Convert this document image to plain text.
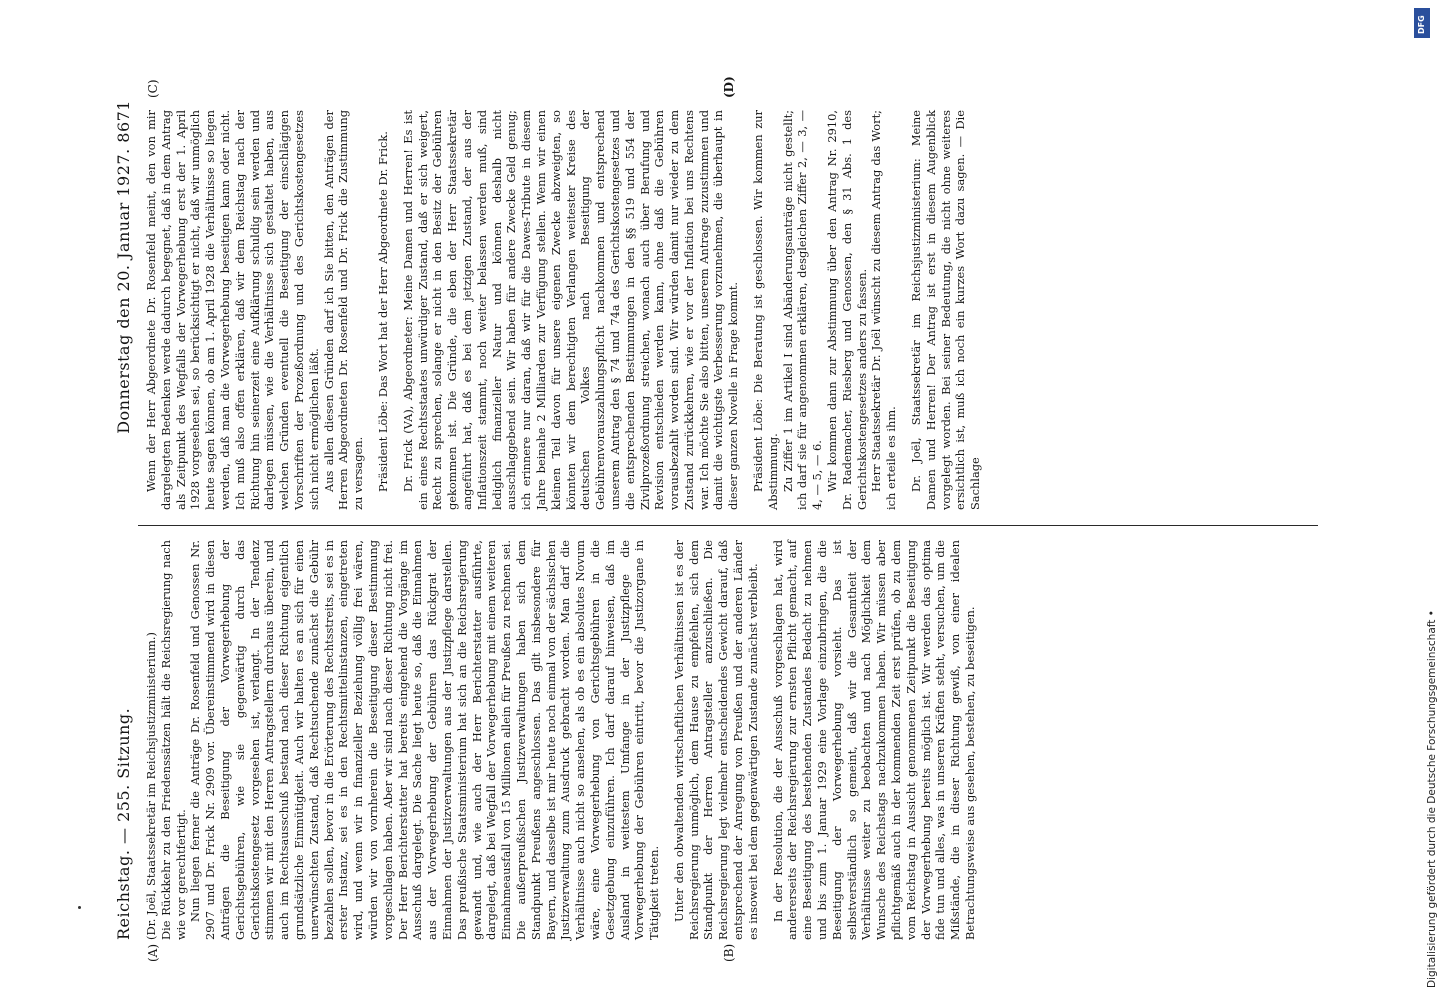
Reichstag. — 255. Sitzung.
Donnerstag den 20. Januar 1927. 8671
(A)	(B)
(C)	(D)

(Dr. Joël, Staatssekretär im Reichsjustizministerium.) Die Rückkehr zu den Friedenssätzen hält die Reichsregierung nach wie vor gerechtfertigt. Nun liegen ferner die Anträge Dr. Rosenfeld und Genossen Nr. 2907 und Dr. Frick Nr. 2909 vor. Übereinstimmend wird in diesen Anträgen die Beseitigung der Vorwegerhebung der Gerichtsgebühren, wie sie gegenwärtig durch das Gerichtskostengesetz vorgesehen ist, verlangt. In der Tendenz stimmen wir mit den Herren Antragstellern durchaus überein, und auch im Rechtsausschuß bestand nach dieser Richtung eigentlich grundsätzliche Einmütigkeit. Auch wir halten es an sich für einen unerwünschten Zustand, daß Rechtsuchende zunächst die Gebühr bezahlen sollen, bevor in die Erörterung des Rechtsstreits, sei es in erster Instanz, sei es in den Rechtsmittelinstanzen, eingetreten wird, und wenn wir in finanzieller Beziehung völlig frei wären, würden wir von vornherein die Beseitigung dieser Bestimmung vorgeschlagen haben. Aber wir sind nach dieser Richtung nicht frei. Der Herr Berichterstatter hat bereits eingehend die Vorgänge im Ausschuß dargelegt. Die Sache liegt heute so, daß die Einnahmen aus der Vorwegerhebung der Gebühren das Rückgrat der Einnahmen der Justizverwaltungen aus der Justizpflege darstellen. Das preußische Staatsministerium hat sich an die Reichsregierung gewandt und, wie auch der Herr Berichterstatter ausführte, dargelegt, daß bei Wegfall der Vorwegerhebung mit einem weiteren Einnahmeausfall von 15 Millionen allein für Preußen zu rechnen sei. Die außerpreußischen Justizverwaltungen haben sich dem Standpunkt Preußens angeschlossen. Das gilt insbesondere für Bayern, und dasselbe ist mir heute noch einmal von der sächsischen Justizverwaltung zum Ausdruck gebracht worden. Man darf die Verhältnisse auch nicht so ansehen, als ob es ein absolutes Novum wäre, eine Vorwegerhebung von Gerichtsgebühren in die Gesetzgebung einzuführen. Ich darf darauf hinweisen, daß im Ausland in weitestem Umfange in der Justizpflege die Vorwegerhebung der Gebühren eintritt, bevor die Justizorgane in Tätigkeit treten. Unter den obwaltenden wirtschaftlichen Verhältnissen ist es der Reichsregierung unmöglich, dem Hause zu empfehlen, sich dem Standpunkt der Herren Antragsteller anzuschließen. Die Reichsregierung legt vielmehr entscheidendes Gewicht darauf, daß entsprechend der Anregung von Preußen und der anderen Länder es insoweit bei dem gegenwärtigen Zustande zunächst verbleibt. In der Resolution, die der Ausschuß vorgeschlagen hat, wird andererseits der Reichsregierung zur ernsten Pflicht gemacht, auf eine Beseitigung des bestehenden Zustandes Bedacht zu nehmen und bis zum 1. Januar 1929 eine Vorlage einzubringen, die die Beseitigung der Vorwegerhebung vorsieht. Das ist selbstverständlich so gemeint, daß wir die Gesamtheit der Verhältnisse weiter zu beobachten und nach Möglichkeit dem Wunsche des Reichstags nachzukommen haben. Wir müssen aber pflichtgemäß auch in der kommenden Zeit erst prüfen, ob zu dem vom Reichstag in Aussicht genommenen Zeitpunkt die Beseitigung der Vorwegerhebung bereits möglich ist. Wir werden das optima fide tun und alles, was in unseren Kräften steht, versuchen, um die Mißstände, die in dieser Richtung gewiß, von einer idealen Betrachtungsweise aus gesehen, bestehen, zu beseitigen.

Wenn der Herr Abgeordnete Dr. Rosenfeld meint, den von mir dargelegten Bedenken werde dadurch begegnet, daß in dem Antrag als Zeitpunkt des Wegfalls der Vorwegerhebung erst der 1. April 1928 vorgesehen sei, so berücksichtigt er nicht, daß wir unmöglich heute sagen können, ob am 1. April 1928 die Verhältnisse so liegen werden, daß man die Vorwegerhebung beseitigen kann oder nicht. Ich muß also offen erklären, daß wir dem Reichstag nach der Richtung hin seinerzeit eine Aufklärung schuldig sein werden und darlegen müssen, wie die Verhältnisse sich gestaltet haben, aus welchen Gründen eventuell die Beseitigung der einschlägigen Vorschriften der Prozeßordnung und des Gerichtskostengesetzes sich nicht ermöglichen läßt. Aus allen diesen Gründen darf ich Sie bitten, den Anträgen der Herren Abgeordneten Dr. Rosenfeld und Dr. Frick die Zustimmung zu versagen. Präsident Löbe: Das Wort hat der Herr Abgeordnete Dr. Frick. Dr. Frick (VA), Abgeordneter: Meine Damen und Herren! Es ist ein eines Rechtsstaates unwürdiger Zustand, daß er sich weigert, Recht zu sprechen, solange er nicht in den Besitz der Gebühren gekommen ist. Die Gründe, die eben der Herr Staatssekretär angeführt hat, daß es bei dem jetzigen Zustand, der aus der Inflationszeit stammt, noch weiter belassen werden muß, sind lediglich finanzieller Natur und können deshalb nicht ausschlaggebend sein. Wir haben für andere Zwecke Geld genug; ich erinnere nur daran, daß wir für die Dawes-Tribute in diesem Jahre beinahe 2 Milliarden zur Verfügung stellen. Wenn wir einen kleinen Teil davon für unsere eigenen Zwecke abzweigten, so könnten wir dem berechtigten Verlangen weitester Kreise des deutschen Volkes nach Beseitigung der Gebührenvorauszahlungspflicht nachkommen und entsprechend unserem Antrag den § 74 und 74a des Gerichtskostengesetzes und die entsprechenden Bestimmungen in den §§ 519 und 554 der Zivilprozeßordnung streichen, wonach auch über Berufung und Revision entschieden werden kann, ohne daß die Gebühren vorausbezahlt worden sind. Wir würden damit nur wieder zu dem Zustand zurückkehren, wie er vor der Inflation bei uns Rechtens war. Ich möchte Sie also bitten, unserem Antrage zuzustimmen und damit die wichtigste Verbesserung vorzunehmen, die überhaupt in dieser ganzen Novelle in Frage kommt. Präsident Löbe: Die Beratung ist geschlossen. Wir kommen zur Abstimmung. Zu Ziffer 1 im Artikel I sind Abänderungsanträge nicht gestellt; ich darf sie für angenommen erklären, desgleichen Ziffer 2, — 3, — 4, — 5, — 6. Wir kommen dann zur Abstimmung über den Antrag Nr. 2910, Dr. Rademacher, Riesberg und Genossen, den § 31 Abs. 1 des Gerichtskostengesetzes anders zu fassen. Herr Staatssekretär Dr. Joël wünscht zu diesem Antrag das Wort; ich erteile es ihm. Dr. Joël, Staatssekretär im Reichsjustizministerium: Meine Damen und Herren! Der Antrag ist erst in diesem Augenblick vorgelegt worden. Bei seiner Bedeutung, die nicht ohne weiteres ersichtlich ist, muß ich noch ein kurzes Wort dazu sagen. — Die Sachlage

DFG
Digitalisierung gefördert durch die Deutsche Forschungsgemeinschaft •
